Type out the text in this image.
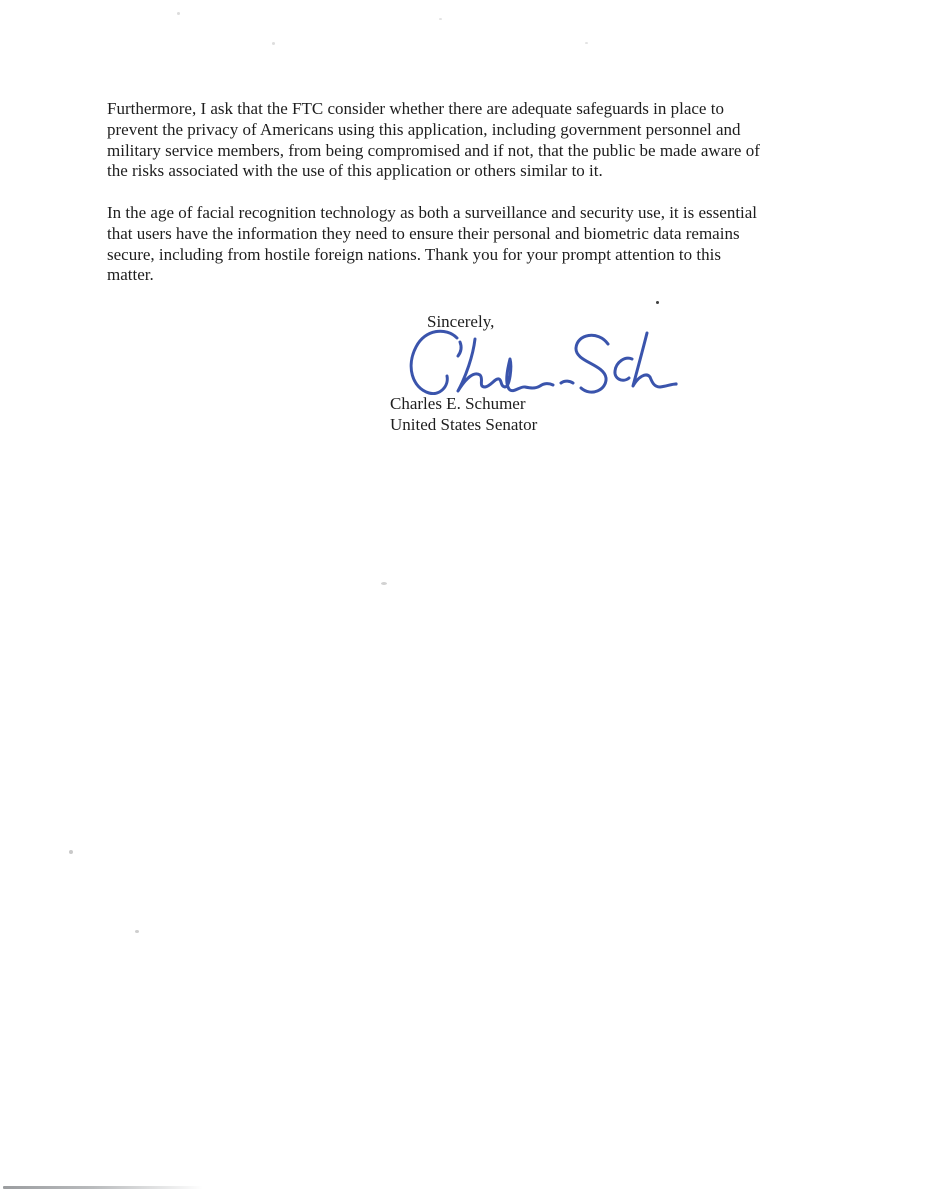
Furthermore, I ask that the FTC consider whether there are adequate safeguards in place to
prevent the privacy of Americans using this application, including government personnel and
military service members, from being compromised and if not, that the public be made aware of
the risks associated with the use of this application or others similar to it.

In the age of facial recognition technology as both a surveillance and security use, it is essential
that users have the information they need to ensure their personal and biometric data remains
secure, including from hostile foreign nations. Thank you for your prompt attention to this
matter.

Sincerely,
Charles E. Schumer
United States Senator
